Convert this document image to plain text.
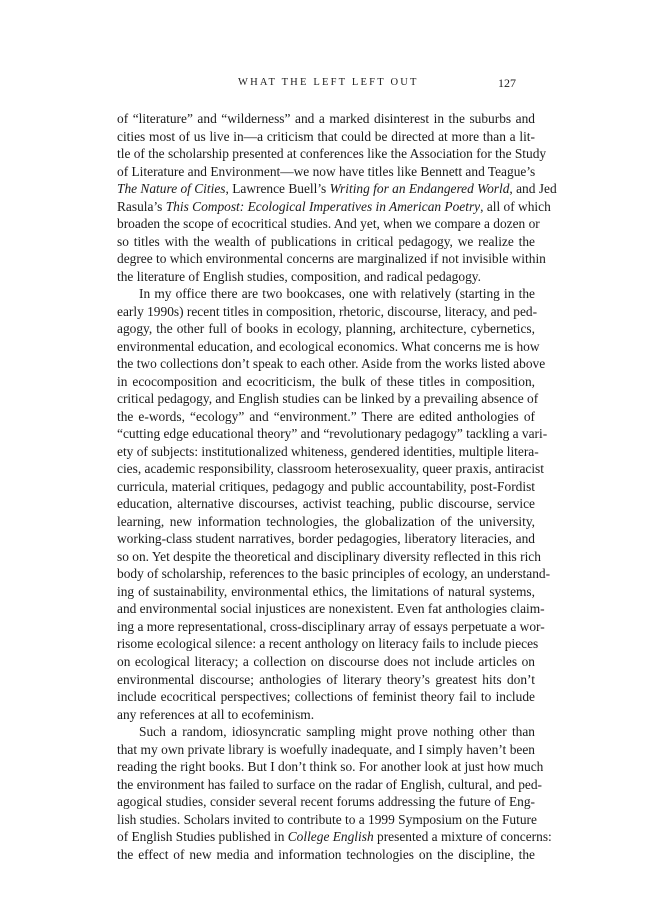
WHAT THE LEFT LEFT OUT	127
of “literature” and “wilderness” and a marked disinterest in the suburbs and
cities most of us live in—a criticism that could be directed at more than a lit-
tle of the scholarship presented at conferences like the Association for the Study
of Literature and Environment—we now have titles like Bennett and Teague’s
The Nature of Cities, Lawrence Buell’s Writing for an Endangered World, and Jed
Rasula’s This Compost: Ecological Imperatives in American Poetry, all of which
broaden the scope of ecocritical studies. And yet, when we compare a dozen or
so titles with the wealth of publications in critical pedagogy, we realize the
degree to which environmental concerns are marginalized if not invisible within
the literature of English studies, composition, and radical pedagogy.
In my office there are two bookcases, one with relatively (starting in the
early 1990s) recent titles in composition, rhetoric, discourse, literacy, and ped-
agogy, the other full of books in ecology, planning, architecture, cybernetics,
environmental education, and ecological economics. What concerns me is how
the two collections don’t speak to each other. Aside from the works listed above
in ecocomposition and ecocriticism, the bulk of these titles in composition,
critical pedagogy, and English studies can be linked by a prevailing absence of
the e-words, “ecology” and “environment.” There are edited anthologies of
“cutting edge educational theory” and “revolutionary pedagogy” tackling a vari-
ety of subjects: institutionalized whiteness, gendered identities, multiple litera-
cies, academic responsibility, classroom heterosexuality, queer praxis, antiracist
curricula, material critiques, pedagogy and public accountability, post-Fordist
education, alternative discourses, activist teaching, public discourse, service
learning, new information technologies, the globalization of the university,
working-class student narratives, border pedagogies, liberatory literacies, and
so on. Yet despite the theoretical and disciplinary diversity reflected in this rich
body of scholarship, references to the basic principles of ecology, an understand-
ing of sustainability, environmental ethics, the limitations of natural systems,
and environmental social injustices are nonexistent. Even fat anthologies claim-
ing a more representational, cross-disciplinary array of essays perpetuate a wor-
risome ecological silence: a recent anthology on literacy fails to include pieces
on ecological literacy; a collection on discourse does not include articles on
environmental discourse; anthologies of literary theory’s greatest hits don’t
include ecocritical perspectives; collections of feminist theory fail to include
any references at all to ecofeminism.
Such a random, idiosyncratic sampling might prove nothing other than
that my own private library is woefully inadequate, and I simply haven’t been
reading the right books. But I don’t think so. For another look at just how much
the environment has failed to surface on the radar of English, cultural, and ped-
agogical studies, consider several recent forums addressing the future of Eng-
lish studies. Scholars invited to contribute to a 1999 Symposium on the Future
of English Studies published in College English presented a mixture of concerns:
the effect of new media and information technologies on the discipline, the
